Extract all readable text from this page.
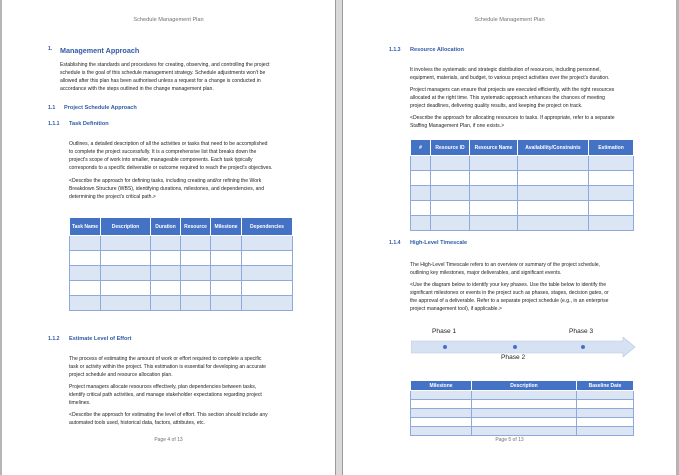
Schedule Management Plan
1. Management Approach
Establishing the standards and procedures for creating, observing, and controlling the project
schedule is the goal of this schedule management strategy. Schedule adjustments won't be
allowed after this plan has been authorised unless a request for a change is conducted in
accordance with the steps outlined in the change management plan.
1.1 Project Schedule Approach
1.1.1 Task Definition
Outlines, a detailed description of all the activities or tasks that need to be accomplished
to complete the project successfully. It is a comprehensive list that breaks down the
project's scope of work into smaller, manageable components. Each task typically
corresponds to a specific deliverable or outcome required to reach the project's objectives.
<Describe the approach for defining tasks, including creating and/or refining the Work
Breakdown Structure (WBS), identifying durations, milestones, and dependencies, and
determining the project's critical path.>
Task Name	Description	Duration	Resource	Milestone	Dependencies

1.1.2 Estimate Level of Effort
The process of estimating the amount of work or effort required to complete a specific
task or activity within the project. This estimation is essential for developing an accurate
project schedule and resource allocation plan.
Project managers allocate resources effectively, plan dependencies between tasks,
identify critical path activities, and manage stakeholder expectations regarding project
timelines.
<Describe the approach for estimating the level of effort. This section should include any
automated tools used, historical data, factors, attributes, etc.
Page 4 of 13
Schedule Management Plan
1.1.3 Resource Allocation
It involves the systematic and strategic distribution of resources, including personnel,
equipment, materials, and budget, to various project activities over the project's duration.
Project managers can ensure that projects are executed efficiently, with the right resources
allocated at the right time. This systematic approach enhances the chances of meeting
project deadlines, delivering quality results, and keeping the project on track.
<Describe the approach for allocating resources to tasks. If appropriate, refer to a separate
Staffing Management Plan, if one exists.>
#	Resource ID	Resource Name	Availability/Constraints	Estimation

1.1.4 High-Level Timescale
The High-Level Timescale refers to an overview or summary of the project schedule,
outlining key milestones, major deliverables, and significant events.
<Use the diagram below to identify your key phases. Use the table below to identify the
significant milestones or events in the project such as phases, stages, decision gates, or
the approval of a deliverable. Refer to a separate project schedule (e.g., in an enterprise
project management tool), if applicable.>
Phase 1	Phase 3
Phase 2
Milestone	Description	Baseline Date

Page 5 of 13
